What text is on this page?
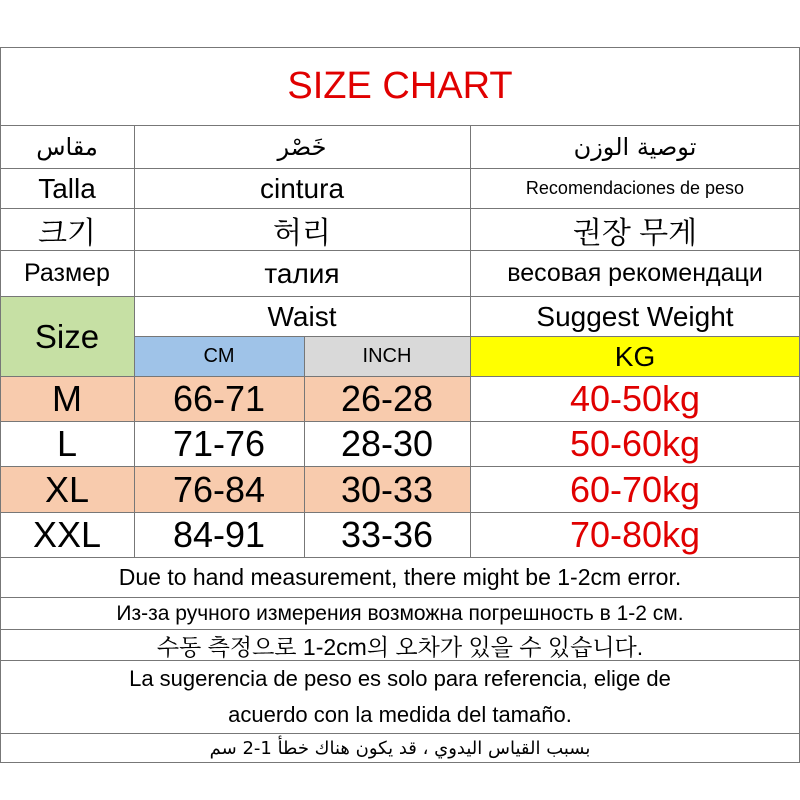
SIZE CHART
مقاس	خَصْر	توصية الوزن
Talla	cintura	Recomendaciones de peso
크기	허리	권장 무게
Размер	талия	весовая рекомендаци
Size
Waist	Suggest Weight
CM	INCH	KG
M	66-71	26-28	40-50kg
L	71-76	28-30	50-60kg
XL	76-84	30-33	60-70kg
XXL	84-91	33-36	70-80kg
Due to hand measurement, there might be 1-2cm error.
Из-за ручного измерения возможна погрешность в 1-2 см.
수동 측정으로 1-2cm의 오차가 있을 수 있습니다.
La sugerencia de peso es solo para referencia, elige de
acuerdo con la medida del tamaño.
بسبب القياس اليدوي ، قد يكون هناك خطأ 1-2 سم
